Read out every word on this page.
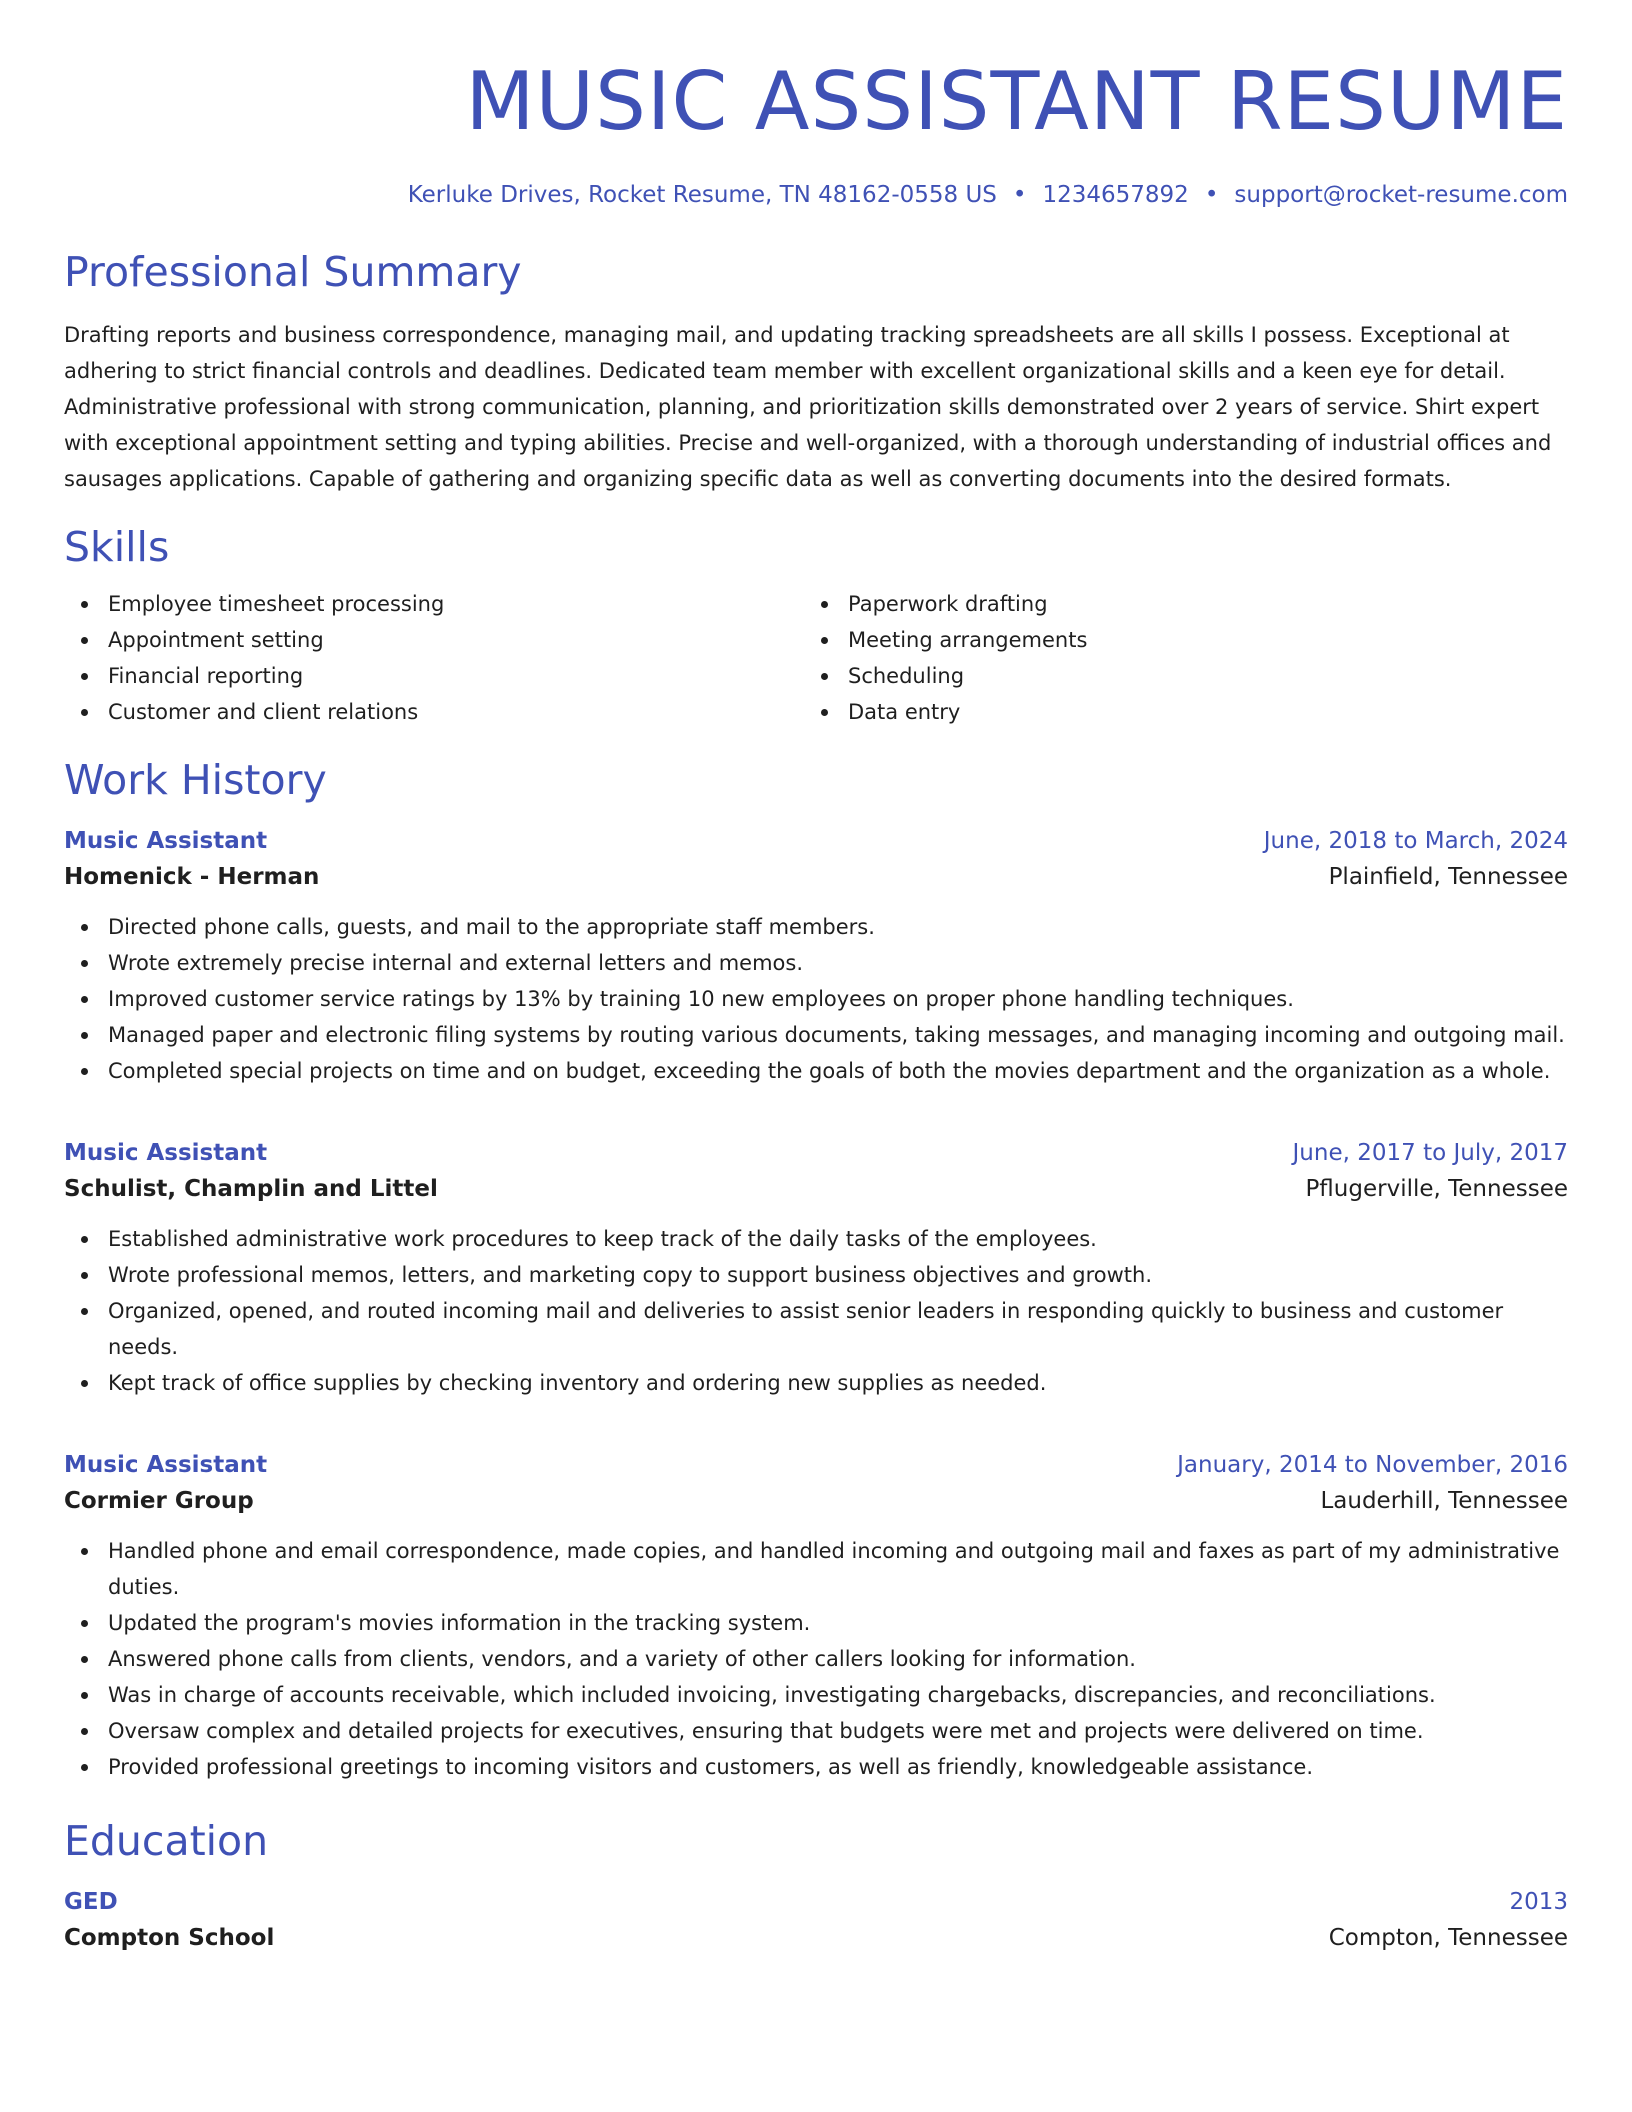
MUSIC ASSISTANT RESUME
Kerluke Drives, Rocket Resume, TN 48162-0558 US • 1234657892 • support@rocket-resume.com
Professional Summary

Drafting reports and business correspondence, managing mail, and updating tracking spreadsheets are all skills I possess. Exceptional at adhering to strict financial controls and deadlines. Dedicated team member with excellent organizational skills and a keen eye for detail. Administrative professional with strong communication, planning, and prioritization skills demonstrated over 2 years of service. Shirt expert with exceptional appointment setting and typing abilities. Precise and well-organized, with a thorough understanding of industrial offices and sausages applications. Capable of gathering and organizing specific data as well as converting documents into the desired formats.

Skills
Employee timesheet processing
Appointment setting
Financial reporting
Customer and client relations
Paperwork drafting
Meeting arrangements
Scheduling
Data entry
Work History
Music Assistant	June, 2018 to March, 2024
Homenick - Herman	Plainfield, Tennessee
Directed phone calls, guests, and mail to the appropriate staff members.
Wrote extremely precise internal and external letters and memos.
Improved customer service ratings by 13% by training 10 new employees on proper phone handling techniques.
Managed paper and electronic filing systems by routing various documents, taking messages, and managing incoming and outgoing mail.
Completed special projects on time and on budget, exceeding the goals of both the movies department and the organization as a whole.
Music Assistant	June, 2017 to July, 2017
Schulist, Champlin and Littel	Pflugerville, Tennessee
Established administrative work procedures to keep track of the daily tasks of the employees.
Wrote professional memos, letters, and marketing copy to support business objectives and growth.
Organized, opened, and routed incoming mail and deliveries to assist senior leaders in responding quickly to business and customer needs.
Kept track of office supplies by checking inventory and ordering new supplies as needed.
Music Assistant	January, 2014 to November, 2016
Cormier Group	Lauderhill, Tennessee
Handled phone and email correspondence, made copies, and handled incoming and outgoing mail and faxes as part of my administrative duties.
Updated the program's movies information in the tracking system.
Answered phone calls from clients, vendors, and a variety of other callers looking for information.
Was in charge of accounts receivable, which included invoicing, investigating chargebacks, discrepancies, and reconciliations.
Oversaw complex and detailed projects for executives, ensuring that budgets were met and projects were delivered on time.
Provided professional greetings to incoming visitors and customers, as well as friendly, knowledgeable assistance.
Education
GED	2013
Compton School	Compton, Tennessee
